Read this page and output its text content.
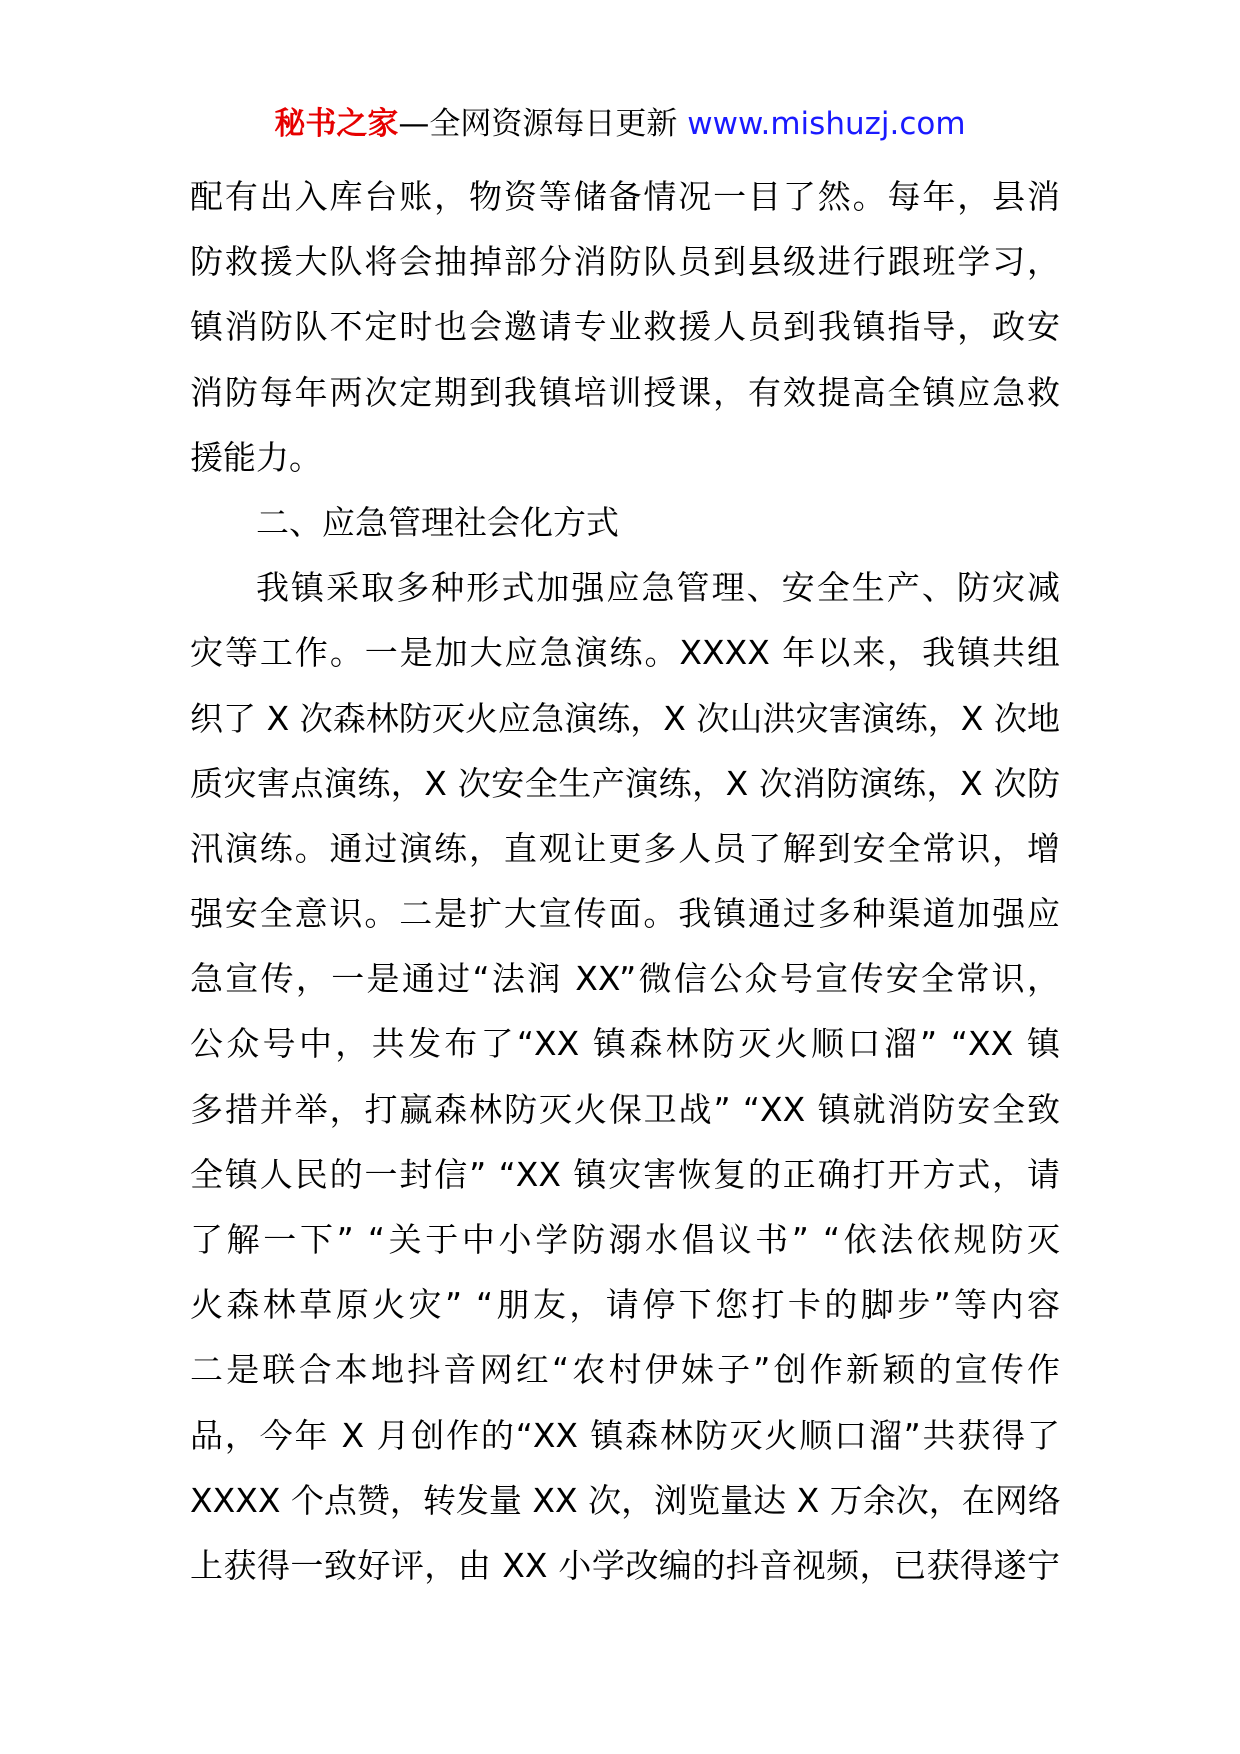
秘书之家—全网资源每日更新 www.mishuzj.com
配有出入库台账，物资等储备情况一目了然。每年，县消
防救援大队将会抽掉部分消防队员到县级进行跟班学习，
镇消防队不定时也会邀请专业救援人员到我镇指导，政安
消防每年两次定期到我镇培训授课，有效提高全镇应急救
援能力。
二、应急管理社会化方式
我镇采取多种形式加强应急管理、安全生产、防灾减
灾等工作。一是加大应急演练。XXXX 年以来，我镇共组
织了 X 次森林防灭火应急演练，X 次山洪灾害演练，X 次地
质灾害点演练，X 次安全生产演练，X 次消防演练，X 次防
汛演练。通过演练，直观让更多人员了解到安全常识，增
强安全意识。二是扩大宣传面。我镇通过多种渠道加强应
急宣传，一是通过“法润 XX”微信公众号宣传安全常识，
公众号中，共发布了“XX 镇森林防灭火顺口溜” “XX 镇
多措并举，打赢森林防灭火保卫战” “XX 镇就消防安全致
全镇人民的一封信” “XX 镇灾害恢复的正确打开方式，请
了解一下” “关于中小学防溺水倡议书” “依法依规防灭
火森林草原火灾” “朋友，请停下您打卡的脚步”等内容
二是联合本地抖音网红“农村伊妹子”创作新颖的宣传作
品，今年 X 月创作的“XX 镇森林防灭火顺口溜”共获得了
XXXX 个点赞，转发量 XX 次，浏览量达 X 万余次，在网络
上获得一致好评，由 XX 小学改编的抖音视频，已获得遂宁
